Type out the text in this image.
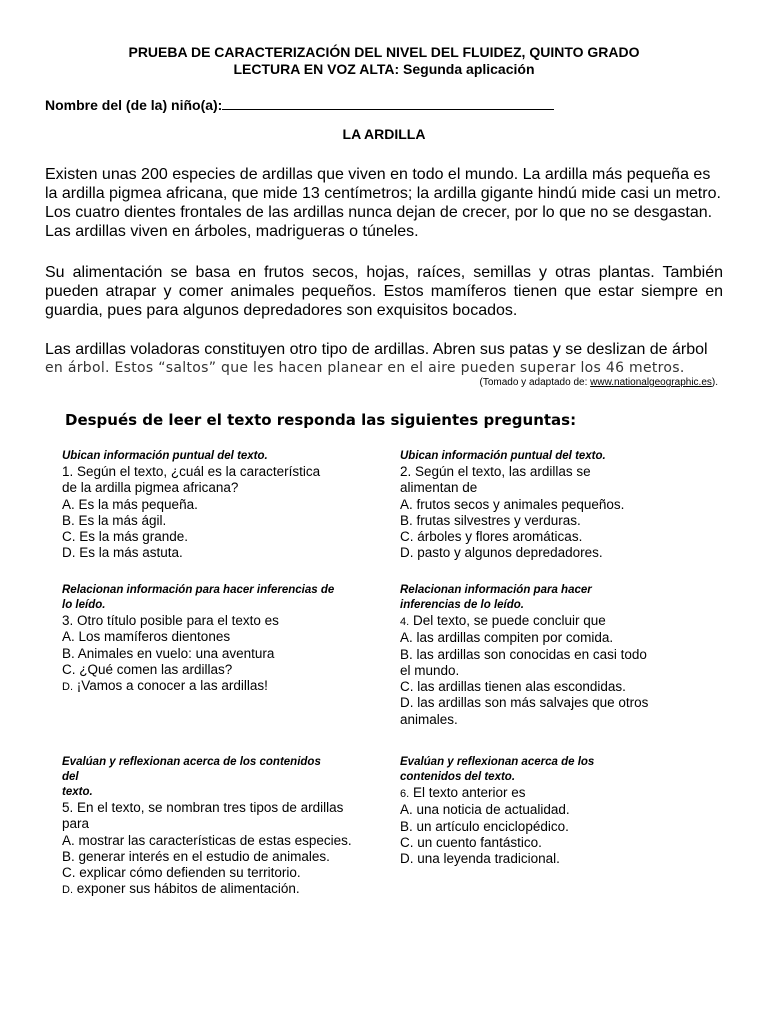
PRUEBA DE CARACTERIZACIÓN DEL NIVEL DEL FLUIDEZ, QUINTO GRADO
LECTURA EN VOZ ALTA: Segunda aplicación
Nombre del (de la) niño(a):
LA ARDILLA
Existen unas 200 especies de ardillas que viven en todo el mundo. La ardilla más pequeña es la ardilla pigmea africana, que mide 13 centímetros; la ardilla gigante hindú mide casi un metro. Los cuatro dientes frontales de las ardillas nunca dejan de crecer, por lo que no se desgastan. Las ardillas viven en árboles, madrigueras o túneles.
Su alimentación se basa en frutos secos, hojas, raíces, semillas y otras plantas. También pueden atrapar y comer animales pequeños. Estos mamíferos tienen que estar siempre en guardia, pues para algunos depredadores son exquisitos bocados.
Las ardillas voladoras constituyen otro tipo de ardillas. Abren sus patas y se deslizan de árbol
en árbol. Estos “saltos” que les hacen planear en el aire pueden superar los 46 metros.
(Tomado y adaptado de: www.nationalgeographic.es).
Después de leer el texto responda las siguientes preguntas:
Ubican información puntual del texto.
1. Según el texto, ¿cuál es la característica
de la ardilla pigmea africana?
A. Es la más pequeña.
B. Es la más ágil.
C. Es la más grande.
D. Es la más astuta.
Ubican información puntual del texto.
2. Según el texto, las ardillas se
alimentan de
A. frutos secos y animales pequeños.
B. frutas silvestres y verduras.
C. árboles y flores aromáticas.
D. pasto y algunos depredadores.
Relacionan información para hacer inferencias de
lo leído.
3. Otro título posible para el texto es
A. Los mamíferos dientones
B. Animales en vuelo: una aventura
C. ¿Qué comen las ardillas?
D. ¡Vamos a conocer a las ardillas!
Relacionan información para hacer
inferencias de lo leído.
4. Del texto, se puede concluir que
A. las ardillas compiten por comida.
B. las ardillas son conocidas en casi todo
el mundo.
C. las ardillas tienen alas escondidas.
D. las ardillas son más salvajes que otros
animales.
Evalúan y reflexionan acerca de los contenidos
del
texto.
5. En el texto, se nombran tres tipos de ardillas
para
A. mostrar las características de estas especies.
B. generar interés en el estudio de animales.
C. explicar cómo defienden su territorio.
D. exponer sus hábitos de alimentación.
Evalúan y reflexionan acerca de los
contenidos del texto.
6. El texto anterior es
A. una noticia de actualidad.
B. un artículo enciclopédico.
C. un cuento fantástico.
D. una leyenda tradicional.
